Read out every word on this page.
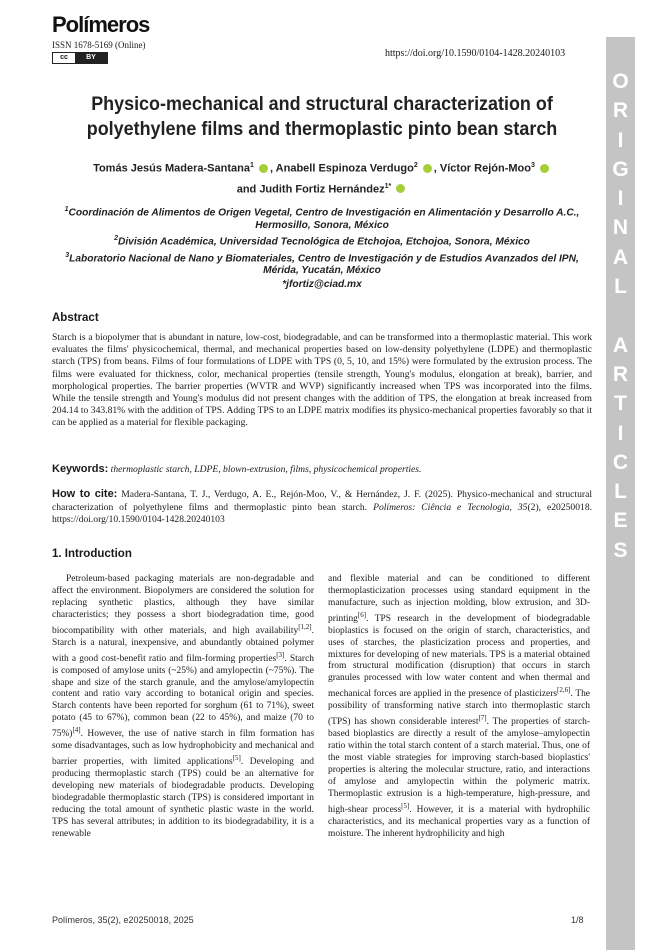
Polímeros
ISSN 1678-5169 (Online)
cc	BY	https://doi.org/10.1590/0104-1428.20240103
O
R
I
G
I
N
A
L

A
R
T
I
C
L
E
S
Physico-mechanical and structural characterization of polyethylene films and thermoplastic pinto bean starch
Tomás Jesús Madera-Santana$^1$ , Anabell Espinoza Verdugo$^2$ , Víctor Rejón-Moo$^3$
and Judith Fortiz Hernández$^{1*}$

$^1$Coordinación de Alimentos de Origen Vegetal, Centro de Investigación en Alimentación y Desarrollo A.C., Hermosillo, Sonora, México

$^2$División Académica, Universidad Tecnológica de Etchojoa, Etchojoa, Sonora, México

$^3$Laboratorio Nacional de Nano y Biomateriales, Centro de Investigación y de Estudios Avanzados del IPN, Mérida, Yucatán, México

*jfortiz@ciad.mx

Abstract
Starch is a biopolymer that is abundant in nature, low-cost, biodegradable, and can be transformed into a thermoplastic material. This work evaluates the films' physicochemical, thermal, and mechanical properties based on low-density polyethylene (LDPE) and thermoplastic starch (TPS) from beans. Films of four formulations of LDPE with TPS (0, 5, 10, and 15%) were formulated by the extrusion process. The films were evaluated for thickness, color, mechanical properties (tensile strength, Young's modulus, elongation at break), barrier, and morphological properties. The barrier properties (WVTR and WVP) significantly increased when TPS was incorporated into the films. While the tensile strength and Young's modulus did not present changes with the addition of TPS, the elongation at break increased from 204.14 to 343.81% with the addition of TPS. Adding TPS to an LDPE matrix modifies its physico-mechanical properties favorably so that it can be applied as a material for flexible packaging.
Keywords: thermoplastic starch, LDPE, blown-extrusion, films, physicochemical properties.
How to cite: Madera-Santana, T. J., Verdugo, A. E., Rejón-Moo, V., & Hernández, J. F. (2025). Physico-mechanical and structural characterization of polyethylene films and thermoplastic pinto bean starch. Polímeros: Ciência e Tecnologia, 35(2), e20250018. https://doi.org/10.1590/0104-1428.20240103
1. Introduction

Petroleum-based packaging materials are non-degradable and affect the environment. Biopolymers are considered the solution for replacing synthetic plastics, although they have similar characteristics; they possess a short biodegradation time, good biocompatibility with other materials, and high availability[1,2]. Starch is a natural, inexpensive, and abundantly obtained polymer with a good cost-benefit ratio and film-forming properties[3]. Starch is composed of amylose units (~25%) and amylopectin (~75%). The shape and size of the starch granule, and the amylose/amylopectin content and ratio vary according to botanical origin and species. Starch contents have been reported for sorghum (61 to 71%), sweet potato (45 to 67%), common bean (22 to 45%), and maize (70 to 75%)[4]. However, the use of native starch in film formation has some disadvantages, such as low hydrophobicity and mechanical and barrier properties, with limited applications[5]. Developing and producing thermoplastic starch (TPS) could be an alternative for developing new materials of biodegradable products. Developing biodegradable thermoplastic starch (TPS) is considered important in reducing the total amount of synthetic plastic waste in the world. TPS has several attributes; in addition to its biodegradability, it is a renewable

and flexible material and can be conditioned to different thermoplasticization processes using standard equipment in the manufacture, such as injection molding, blow extrusion, and 3D-printing[6]. TPS research in the development of biodegradable bioplastics is focused on the origin of starch, characteristics, and uses of starches, the plasticization process and properties, and mixtures for developing of new materials. TPS is a material obtained from structural modification (disruption) that occurs in starch granules processed with low water content and when thermal and mechanical forces are applied in the presence of plasticizers[2,6]. The possibility of transforming native starch into thermoplastic starch (TPS) has shown considerable interest[7]. The properties of starch-based bioplastics are directly a result of the amylose–amylopectin ratio within the total starch content of a starch material. Thus, one of the most viable strategies for improving starch-based bioplastics' properties is altering the molecular structure, ratio, and interactions of amylose and amylopectin within the polymeric matrix. Thermoplastic extrusion is a high-temperature, high-pressure, and high-shear process[5]. However, it is a material with hydrophilic characteristics, and its mechanical properties vary as a function of moisture. The inherent hydrophilicity and high

Polímeros, 35(2), e20250018, 2025	1/8
